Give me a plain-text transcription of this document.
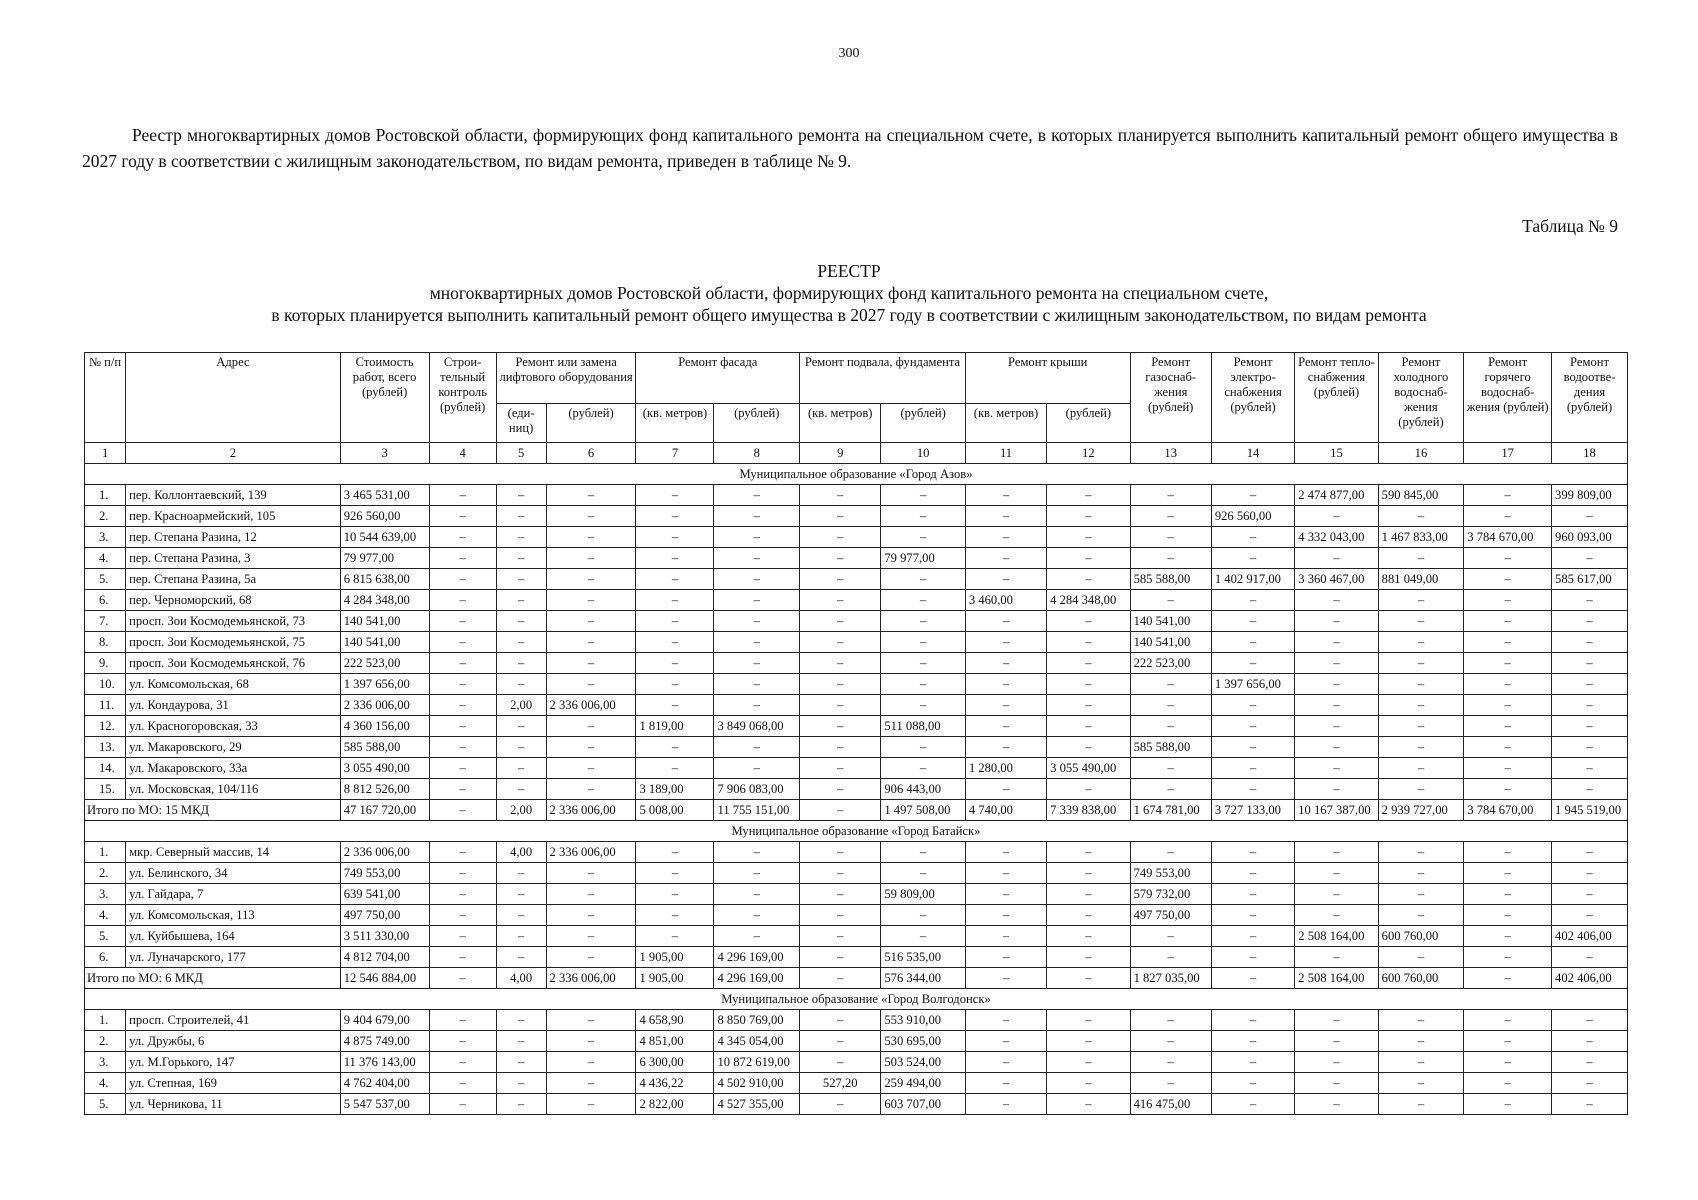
300

Реестр многоквартирных домов Ростовской области, формирующих фонд капитального ремонта на специальном счете, в которых планируется выполнить капитальный ремонт общего имущества в 2027 году в соответствии с жилищным законодательством, по видам ремонта, приведен в таблице № 9.

Таблица № 9
РЕЕСТР
многоквартирных домов Ростовской области, формирующих фонд капитального ремонта на специальном счете,
в которых планируется выполнить капитальный ремонт общего имущества в 2027 году в соответствии с жилищным законодательством, по видам ремонта
№ п/п	Адрес	Стоимость работ, всего (рублей)	Строи-тельный контроль (рублей)	Ремонт или замена лифтового оборудования		Ремонт фасада		Ремонт подвала, фундамента		Ремонт крыши		Ремонт газоснаб-жения (рублей)	Ремонт электро-снабжения (рублей)	Ремонт тепло-снабжения (рублей)	Ремонт холодного водоснаб-жения (рублей)	Ремонт горячего водоснаб-жения (рублей)	Ремонт водоотве-дения (рублей)
				(еди-ниц)	(рублей)	(кв. метров)	(рублей)	(кв. метров)	(рублей)	(кв. метров)	(рублей)						
1	2	3	4	5	6	7	8	9	10	11	12	13	14	15	16	17	18
Муниципальное образование «Город Азов»																	
1.	пер. Коллонтаевский, 139	3 465 531,00	–	–	–	–	–	–	–	–	–	–	–	2 474 877,00	590 845,00	–	399 809,00
2.	пер. Красноармейский, 105	926 560,00	–	–	–	–	–	–	–	–	–	–	926 560,00	–	–	–	–
3.	пер. Степана Разина, 12	10 544 639,00	–	–	–	–	–	–	–	–	–	–	–	4 332 043,00	1 467 833,00	3 784 670,00	960 093,00
4.	пер. Степана Разина, 3	79 977,00	–	–	–	–	–	–	79 977,00	–	–	–	–	–	–	–	–
5.	пер. Степана Разина, 5а	6 815 638,00	–	–	–	–	–	–	–	–	–	585 588,00	1 402 917,00	3 360 467,00	881 049,00	–	585 617,00
6.	пер. Черноморский, 68	4 284 348,00	–	–	–	–	–	–	–	3 460,00	4 284 348,00	–	–	–	–	–	–
7.	просп. Зои Космодемьянской, 73	140 541,00	–	–	–	–	–	–	–	–	–	140 541,00	–	–	–	–	–
8.	просп. Зои Космодемьянской, 75	140 541,00	–	–	–	–	–	–	–	–	–	140 541,00	–	–	–	–	–
9.	просп. Зои Космодемьянской, 76	222 523,00	–	–	–	–	–	–	–	–	–	222 523,00	–	–	–	–	–
10.	ул. Комсомольская, 68	1 397 656,00	–	–	–	–	–	–	–	–	–	–	1 397 656,00	–	–	–	–
11.	ул. Кондаурова, 31	2 336 006,00	–	2,00	2 336 006,00	–	–	–	–	–	–	–	–	–	–	–	–
12.	ул. Красногоровская, 33	4 360 156,00	–	–	–	1 819,00	3 849 068,00	–	511 088,00	–	–	–	–	–	–	–	–
13.	ул. Макаровского, 29	585 588,00	–	–	–	–	–	–	–	–	–	585 588,00	–	–	–	–	–
14.	ул. Макаровского, 33а	3 055 490,00	–	–	–	–	–	–	–	1 280,00	3 055 490,00	–	–	–	–	–	–
15.	ул. Московская, 104/116	8 812 526,00	–	–	–	3 189,00	7 906 083,00	–	906 443,00	–	–	–	–	–	–	–	–
Итого по МО: 15 МКД		47 167 720,00	–	2,00	2 336 006,00	5 008,00	11 755 151,00	–	1 497 508,00	4 740,00	7 339 838,00	1 674 781,00	3 727 133,00	10 167 387,00	2 939 727,00	3 784 670,00	1 945 519,00
Муниципальное образование «Город Батайск»																	
1.	мкр. Северный массив, 14	2 336 006,00	–	4,00	2 336 006,00	–	–	–	–	–	–	–	–	–	–	–	–
2.	ул. Белинского, 34	749 553,00	–	–	–	–	–	–	–	–	–	749 553,00	–	–	–	–	–
3.	ул. Гайдара, 7	639 541,00	–	–	–	–	–	–	59 809,00	–	–	579 732,00	–	–	–	–	–
4.	ул. Комсомольская, 113	497 750,00	–	–	–	–	–	–	–	–	–	497 750,00	–	–	–	–	–
5.	ул. Куйбышева, 164	3 511 330,00	–	–	–	–	–	–	–	–	–	–	–	2 508 164,00	600 760,00	–	402 406,00
6.	ул. Луначарского, 177	4 812 704,00	–	–	–	1 905,00	4 296 169,00	–	516 535,00	–	–	–	–	–	–	–	–
Итого по МО: 6 МКД		12 546 884,00	–	4,00	2 336 006,00	1 905,00	4 296 169,00	–	576 344,00	–	–	1 827 035,00	–	2 508 164,00	600 760,00	–	402 406,00
Муниципальное образование «Город Волгодонск»																	
1.	просп. Строителей, 41	9 404 679,00	–	–	–	4 658,90	8 850 769,00	–	553 910,00	–	–	–	–	–	–	–	–
2.	ул. Дружбы, 6	4 875 749,00	–	–	–	4 851,00	4 345 054,00	–	530 695,00	–	–	–	–	–	–	–	–
3.	ул. М.Горького, 147	11 376 143,00	–	–	–	6 300,00	10 872 619,00	–	503 524,00	–	–	–	–	–	–	–	–
4.	ул. Степная, 169	4 762 404,00	–	–	–	4 436,22	4 502 910,00	527,20	259 494,00	–	–	–	–	–	–	–	–
5.	ул. Черникова, 11	5 547 537,00	–	–	–	2 822,00	4 527 355,00	–	603 707,00	–	–	416 475,00	–	–	–	–	–
